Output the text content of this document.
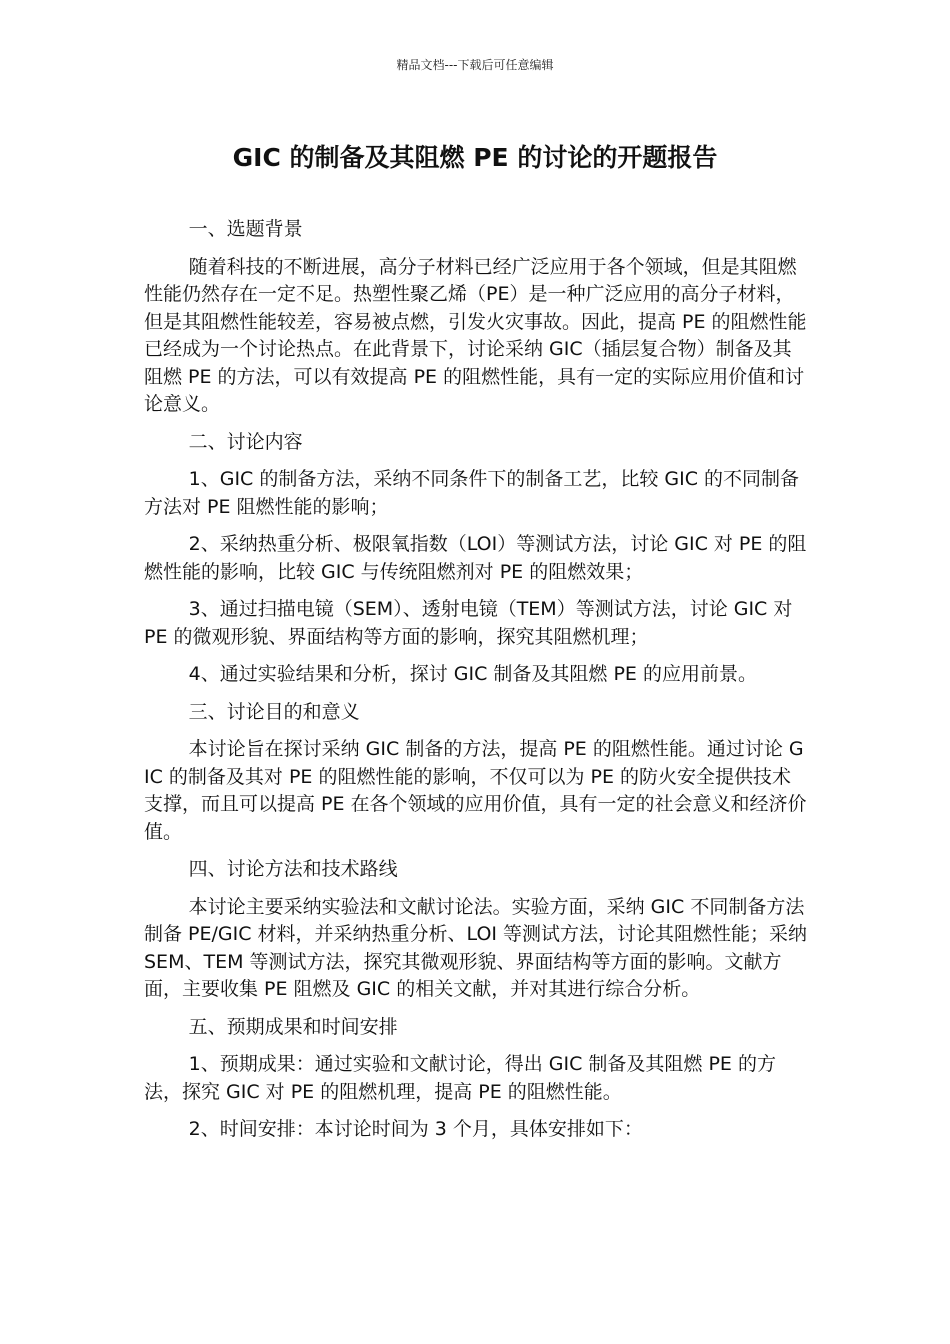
精品文档---下载后可任意编辑
GIC 的制备及其阻燃 PE 的讨论的开题报告

一、选题背景

随着科技的不断进展，高分子材料已经广泛应用于各个领域，但是其阻燃性能仍然存在一定不足。热塑性聚乙烯（PE）是一种广泛应用的高分子材料，但是其阻燃性能较差，容易被点燃，引发火灾事故。因此，提高 PE 的阻燃性能已经成为一个讨论热点。在此背景下，讨论采纳 GIC（插层复合物）制备及其阻燃 PE 的方法，可以有效提高 PE 的阻燃性能，具有一定的实际应用价值和讨论意义。

二、讨论内容

1、GIC 的制备方法，采纳不同条件下的制备工艺，比较 GIC 的不同制备方法对 PE 阻燃性能的影响；

2、采纳热重分析、极限氧指数（LOI）等测试方法，讨论 GIC 对 PE 的阻燃性能的影响，比较 GIC 与传统阻燃剂对 PE 的阻燃效果；

3、通过扫描电镜（SEM）、透射电镜（TEM）等测试方法，讨论 GIC 对 PE 的微观形貌、界面结构等方面的影响，探究其阻燃机理；

4、通过实验结果和分析，探讨 GIC 制备及其阻燃 PE 的应用前景。

三、讨论目的和意义

本讨论旨在探讨采纳 GIC 制备的方法，提高 PE 的阻燃性能。通过讨论 GIC 的制备及其对 PE 的阻燃性能的影响，不仅可以为 PE 的防火安全提供技术支撑，而且可以提高 PE 在各个领域的应用价值，具有一定的社会意义和经济价值。

四、讨论方法和技术路线

本讨论主要采纳实验法和文献讨论法。实验方面，采纳 GIC 不同制备方法制备 PE/GIC 材料，并采纳热重分析、LOI 等测试方法，讨论其阻燃性能；采纳 SEM、TEM 等测试方法，探究其微观形貌、界面结构等方面的影响。文献方面，主要收集 PE 阻燃及 GIC 的相关文献，并对其进行综合分析。

五、预期成果和时间安排

1、预期成果：通过实验和文献讨论，得出 GIC 制备及其阻燃 PE 的方法，探究 GIC 对 PE 的阻燃机理，提高 PE 的阻燃性能。

2、时间安排：本讨论时间为 3 个月，具体安排如下：
